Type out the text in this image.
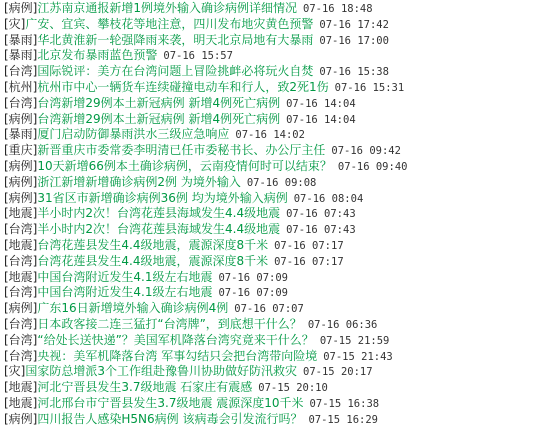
[病例]江苏南京通报新增1例境外输入确诊病例详细情况 07-16 18:48
[灾]广安、宜宾、攀枝花等地注意，四川发布地灾黄色预警 07-16 17:42
[暴雨]华北黄淮新一轮强降雨来袭，明天北京局地有大暴雨 07-16 17:00
[暴雨]北京发布暴雨蓝色预警 07-16 15:57
[台湾]国际锐评：美方在台湾问题上冒险挑衅必将玩火自焚 07-16 15:38
[杭州]杭州市中心一辆货车连续碰撞电动车和行人，致2死1伤 07-16 15:31
[台湾]台湾新增29例本土新冠病例 新增4例死亡病例 07-16 14:04
[病例]台湾新增29例本土新冠病例 新增4例死亡病例 07-16 14:04
[暴雨]厦门启动防御暴雨洪水三级应急响应 07-16 14:02
[重庆]新晋重庆市委常委李明清已任市委秘书长、办公厅主任 07-16 09:42
[病例]10天新增66例本土确诊病例，云南疫情何时可以结束？ 07-16 09:40
[病例]浙江新增新增确诊病例2例 为境外输入 07-16 09:08
[病例]31省区市新增确诊病例36例 均为境外输入病例 07-16 08:04
[地震]半小时内2次！台湾花莲县海域发生4.4级地震 07-16 07:43
[台湾]半小时内2次！台湾花莲县海域发生4.4级地震 07-16 07:43
[地震]台湾花莲县发生4.4级地震，震源深度8千米 07-16 07:17
[台湾]台湾花莲县发生4.4级地震，震源深度8千米 07-16 07:17
[地震]中国台湾附近发生4.1级左右地震 07-16 07:09
[台湾]中国台湾附近发生4.1级左右地震 07-16 07:09
[病例]广东16日新增境外输入确诊病例4例 07-16 07:07
[台湾]日本政客接二连三猛打“台湾牌”，到底想干什么？ 07-16 06:36
[台湾]“给处长送快递”？美国军机降落台湾究竟来干什么？ 07-15 21:59
[台湾]央视：美军机降落台湾 军事勾结只会把台湾带向险境 07-15 21:43
[灾]国家防总增派3个工作组赴豫鲁川协助做好防汛救灾 07-15 20:17
[地震]河北宁晋县发生3.7级地震 石家庄有震感 07-15 20:10
[地震]河北邢台市宁晋县发生3.7级地震 震源深度10千米 07-15 16:38
[病例]四川报告人感染H5N6病例 该病毒会引发流行吗？ 07-15 16:29
